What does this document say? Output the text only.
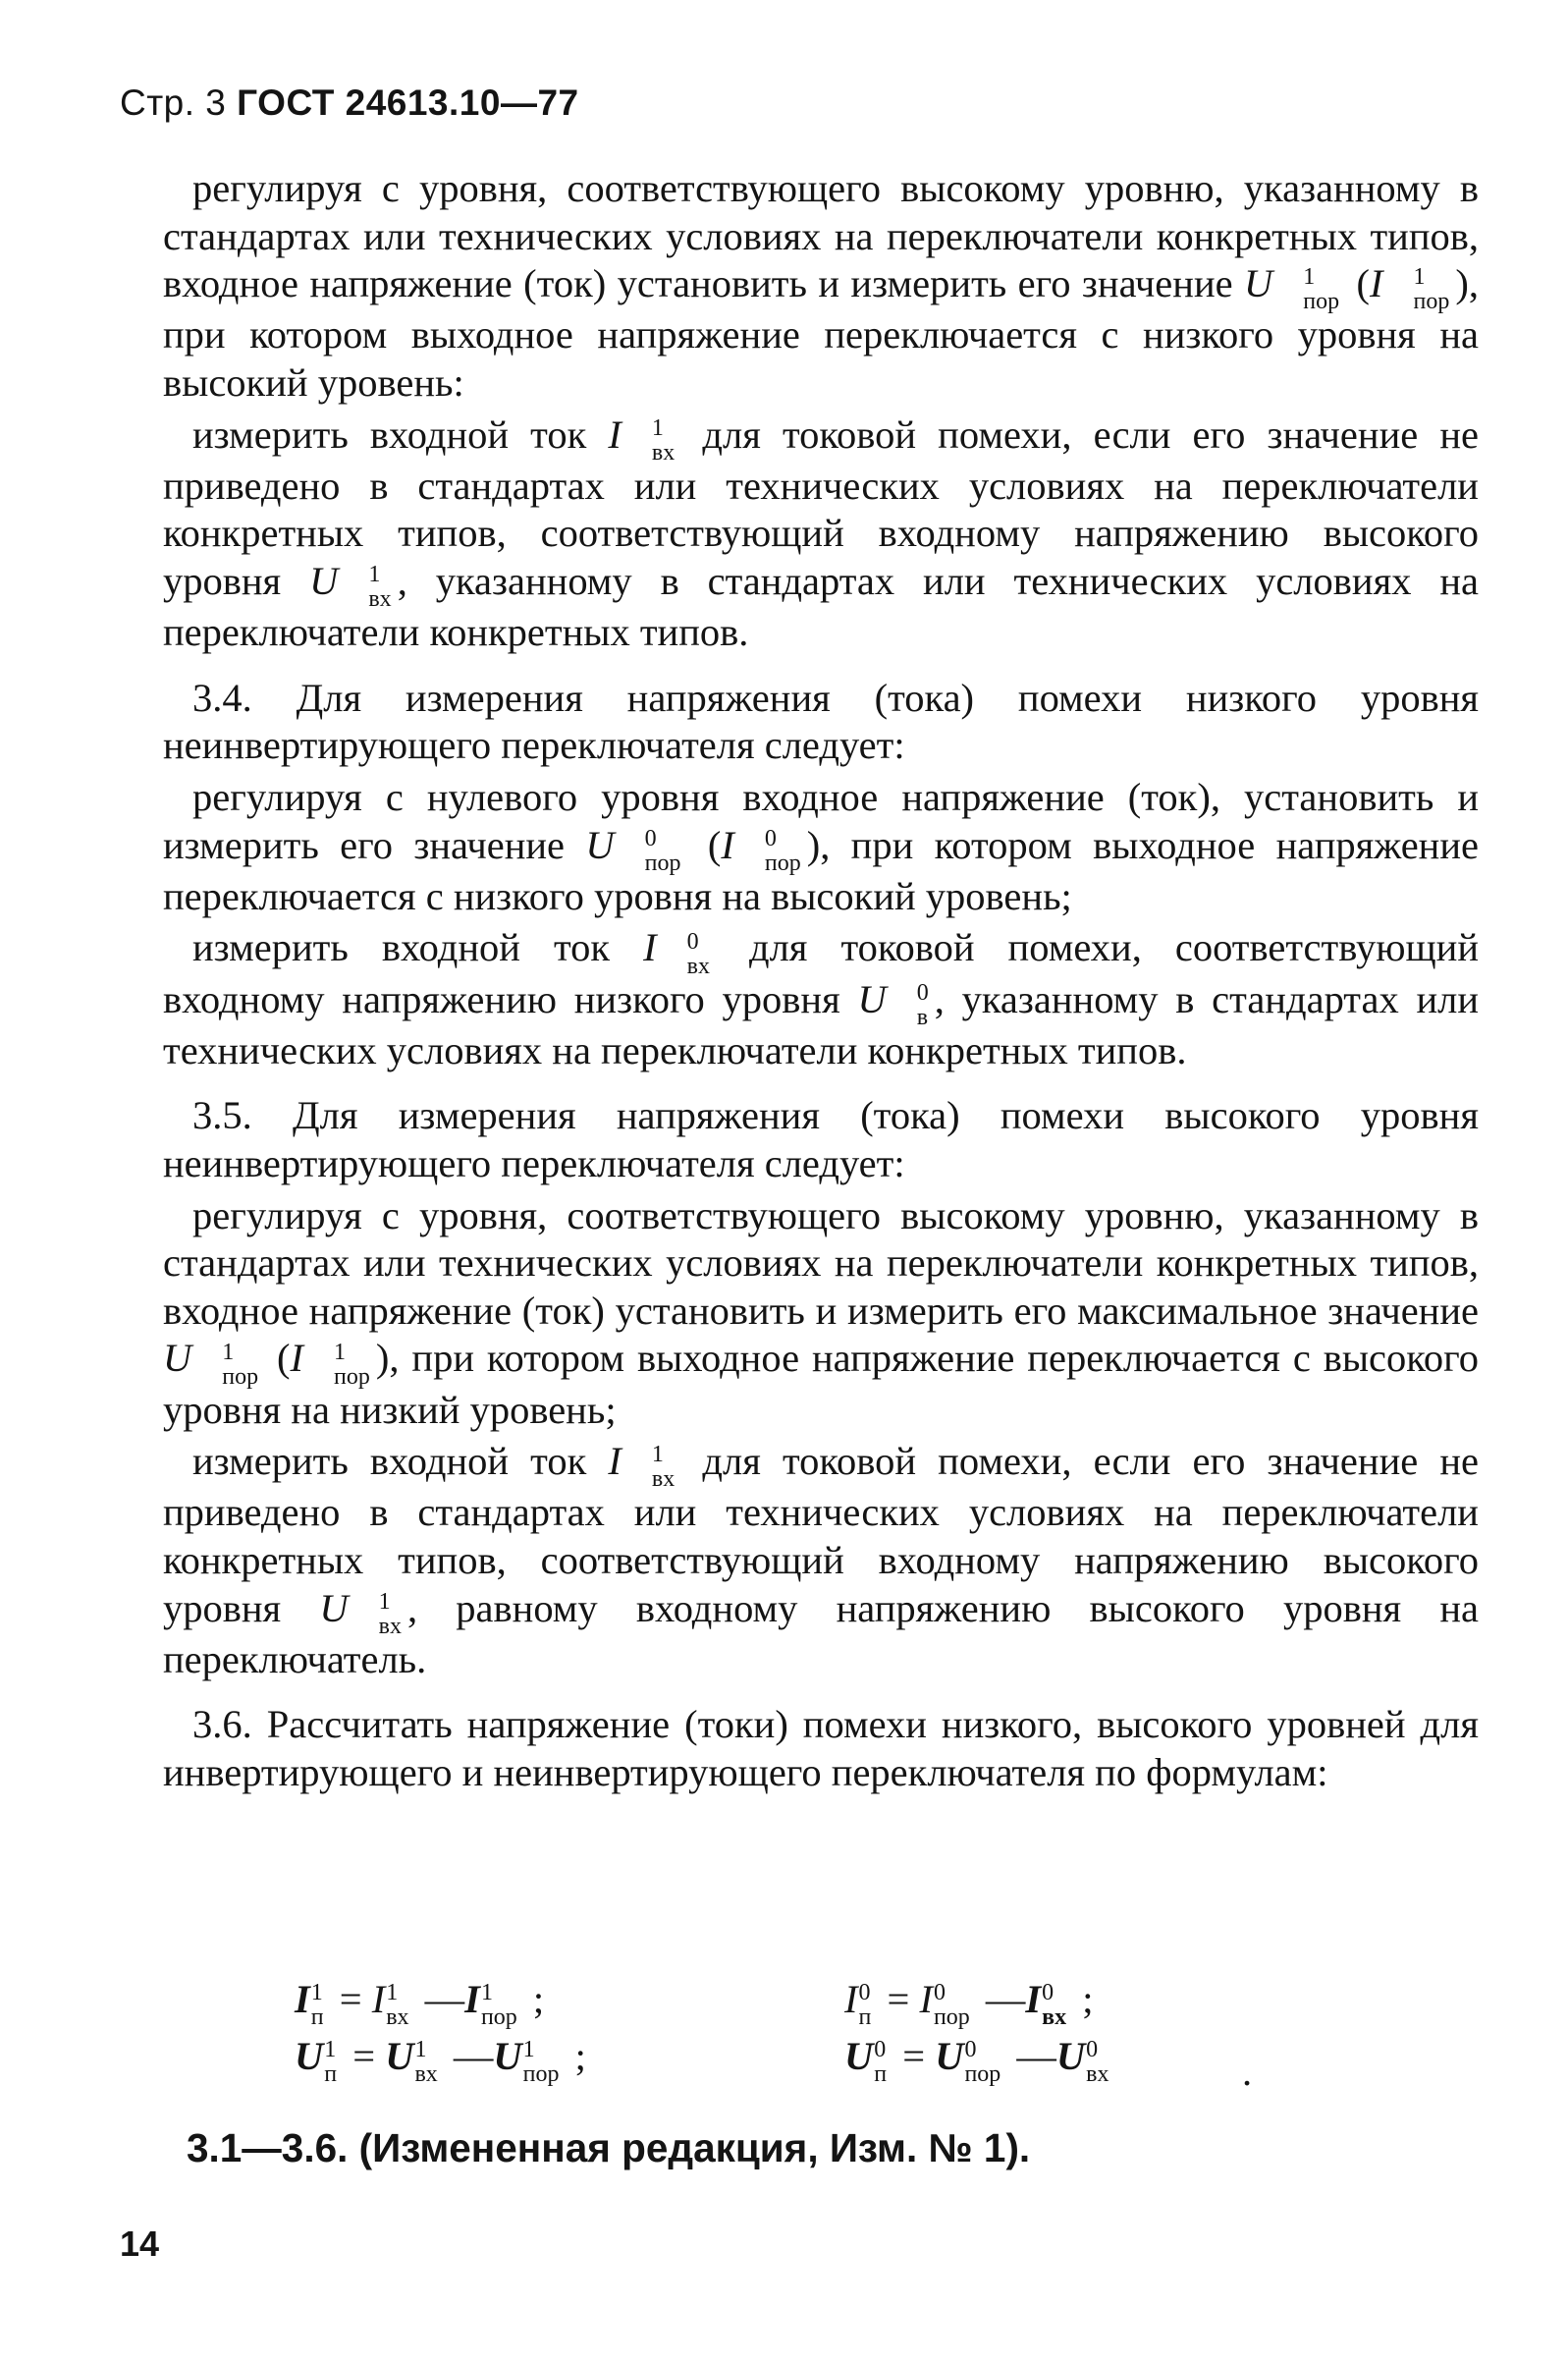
Стр. 3 ГОСТ 24613.10—77

регулируя с уровня, соответствующего высокому уровню, указанному в стандартах или технических условиях на переключатели конкретных типов, входное напряжение (ток) установить и измерить его значение U	1
пор (I	1
пор ), при котором выходное напряжение переключается с низкого уровня на высокий уровень:

измерить входной ток I	1
вх для токовой помехи, если его значение не приведено в стандартах или технических условиях на переключатели конкретных типов, соответствующий входному напряжению высокого уровня U	1
вх , указанному в стандартах или технических условиях на переключатели конкретных типов.

3.4. Для измерения напряжения (тока) помехи низкого уровня неинвертирующего переключателя следует:

регулируя с нулевого уровня входное напряжение (ток), установить и измерить его значение U	0
пор (I	0
пор ), при котором выходное напряжение переключается с низкого уровня на высокий уровень;

измерить входной ток I	0
вх для токовой помехи, соответствующий входному напряжению низкого уровня U	0
в , указанному в стандартах или технических условиях на переключатели конкретных типов.

3.5. Для измерения напряжения (тока) помехи высокого уровня неинвертирующего переключателя следует:

регулируя с уровня, соответствующего высокому уровню, указанному в стандартах или технических условиях на переключатели конкретных типов, входное напряжение (ток) установить и измерить его максимальное значение U	1
пор (I	1
пор ), при котором выходное напряжение переключается с высокого уровня на низкий уровень;

измерить входной ток I	1
вх для токовой помехи, если его значение не приведено в стандартах или технических условиях на переключатели конкретных типов, соответствующий входному напряжению высокого уровня U	1
вх , равному входному напряжению высокого уровня на переключатель.

3.6. Рассчитать напряжение (токи) помехи низкого, высокого уровней для инвертирующего и неинвертирующего переключателя по формулам:

I 1
п = I 1
вх —I 1
пор ;	I 0
п = I 0
пор —I 0
вх ;
U 1
п = U 1
вх —U 1
пор ;	U 0
п = U 0
пор —U 0
вх	.
3.1—3.6. (Измененная редакция, Изм. № 1).
14
